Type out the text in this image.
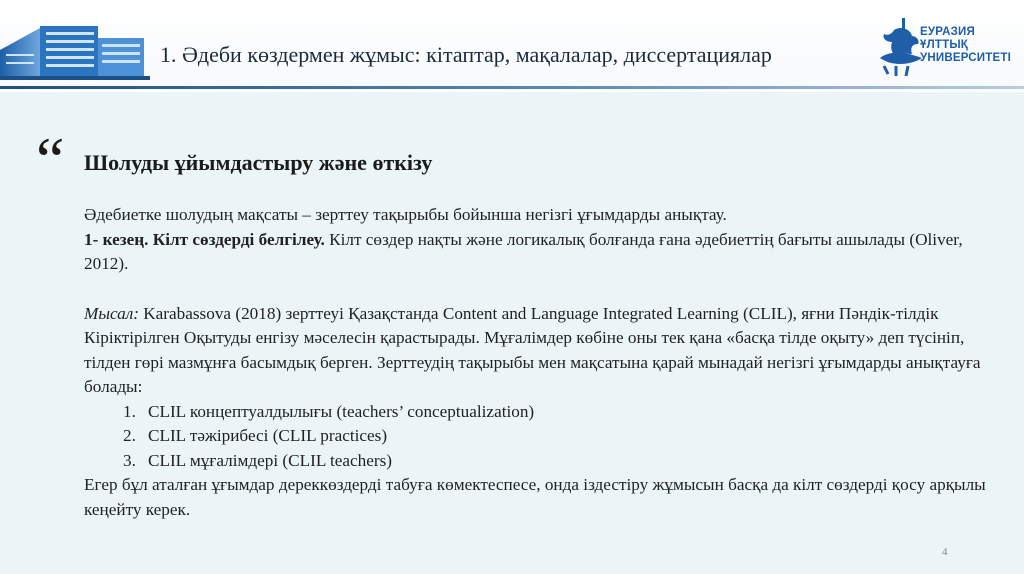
1. Әдеби көздермен жұмыс: кітаптар, мақалалар, диссертациялар
ЕУРАЗИЯ
ҰЛТТЫҚ
УНИВЕРСИТЕТІ
“ Шолуды ұйымдастыру және өткізу

Әдебиетке шолудың мақсаты – зерттеу тақырыбы бойынша негізгі ұғымдарды анықтау.

1- кезең. Кілт сөздерді белгілеу. Кілт сөздер нақты және логикалық болғанда ғана әдебиеттің бағыты ашылады (Oliver, 2012).

Мысал: Karabassova (2018) зерттеуі Қазақстанда Content and Language Integrated Learning (CLIL), яғни Пәндік-тілдік Кіріктірілген Оқытуды енгізу мәселесін қарастырады. Мұғалімдер көбіне оны тек қана «басқа тілде оқыту» деп түсініп, тілден гөрі мазмұнға басымдық берген. Зерттеудің тақырыбы мен мақсатына қарай мынадай негізгі ұғымдарды анықтауға болады:

1. CLIL концептуалдылығы (teachers’ conceptualization)
2. CLIL тәжірибесі (CLIL practices)
3. CLIL мұғалімдері (CLIL teachers)

Егер бұл аталған ұғымдар дереккөздерді табуға көмектеспесе, онда іздестіру жұмысын басқа да кілт сөздерді қосу арқылы кеңейту керек.

4
